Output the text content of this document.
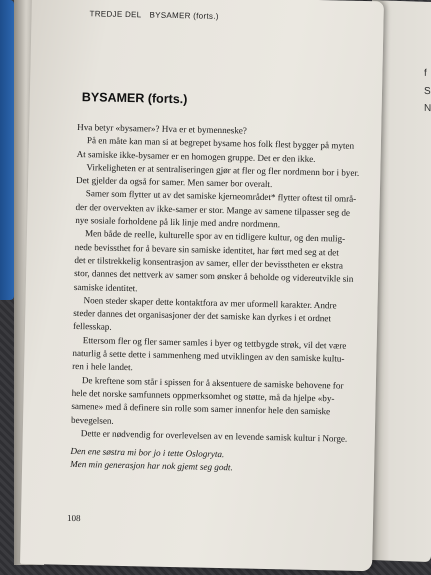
f
S
N
TREDJE DEL BYSAMER (forts.)
BYSAMER (forts.)
Hva betyr «bysamer»? Hva er et bymenneske?
På en måte kan man si at begrepet bysame hos folk flest bygger på myten
At samiske ikke-bysamer er en homogen gruppe. Det er den ikke.
Virkeligheten er at sentraliseringen gjør at fler og fler nordmenn bor i byer.
Det gjelder da også for samer. Men samer bor overalt.
Samer som flytter ut av det samiske kjerneområdet* flytter oftest til områ-
der der overvekten av ikke-samer er stor. Mange av samene tilpasser seg de
nye sosiale forholdene på lik linje med andre nordmenn.
Men både de reelle, kulturelle spor av en tidligere kultur, og den mulig-
nede bevissthet for å bevare sin samiske identitet, har ført med seg at det
det er tilstrekkelig konsentrasjon av samer, eller der bevisstheten er ekstra
stor, dannes det nettverk av samer som ønsker å beholde og videreutvikle sin
samiske identitet.
Noen steder skaper dette kontaktfora av mer uformell karakter. Andre
steder dannes det organisasjoner der det samiske kan dyrkes i et ordnet
fellesskap.
Ettersom fler og fler samer samles i byer og tettbygde strøk, vil det være
naturlig å sette dette i sammenheng med utviklingen av den samiske kultu-
ren i hele landet.
De kreftene som står i spissen for å aksentuere de samiske behovene for
hele det norske samfunnets oppmerksomhet og støtte, må da hjelpe «by-
samene» med å definere sin rolle som samer innenfor hele den samiske
bevegelsen.
Dette er nødvendig for overlevelsen av en levende samisk kultur i Norge.
Den ene søstra mi bor jo i tette Oslogryta.
Men min generasjon har nok gjemt seg godt.
108
